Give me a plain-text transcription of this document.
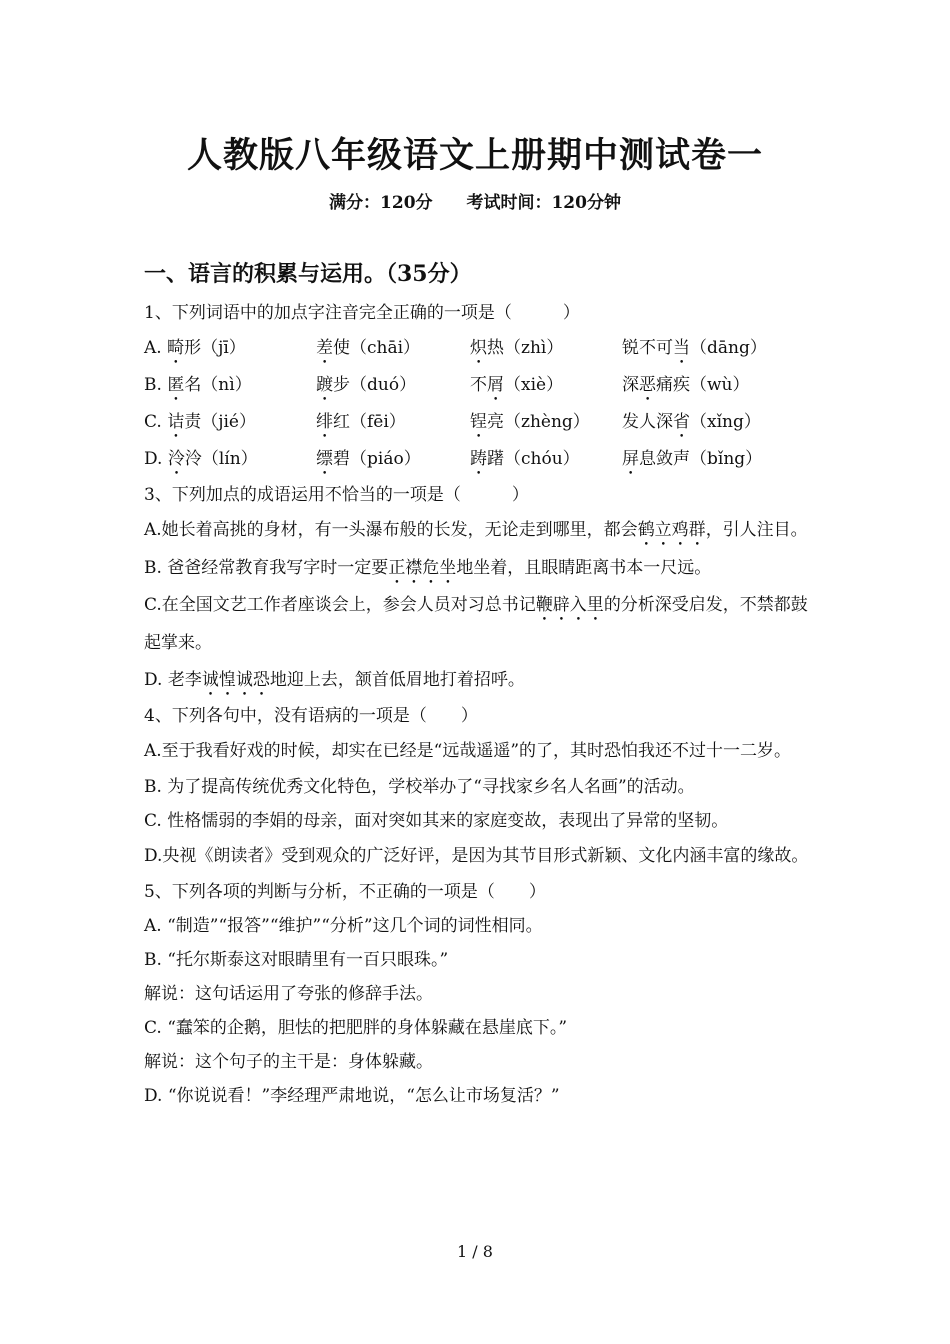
人教版八年级语文上册期中测试卷一
满分：120分 考试时间：120分钟
一、语言的积累与运用。（35分）
1、下列词语中的加点字注音完全正确的一项是（　　　）
A. 畸形（jī）	差使（chāi）	炽热（zhì）	锐不可当（dāng）
B. 匿名（nì）	踱步（duó）	不屑（xiè）	深恶痛疾（wù）
C. 诘责（jié）	绯红（fēi）	锃亮（zhèng）	发人深省（xǐng）
D. 泠泠（lín）	缥碧（piáo）	踌躇（chóu）	屏息敛声（bǐng）
3、下列加点的成语运用不恰当的一项是（　　　）
A.她长着高挑的身材，有一头瀑布般的长发，无论走到哪里，都会鹤立鸡群，引人注目。
B. 爸爸经常教育我写字时一定要正襟危坐地坐着，且眼睛距离书本一尺远。
C.在全国文艺工作者座谈会上，参会人员对习总书记鞭辟入里的分析深受启发，不禁都鼓起掌来。
D. 老李诚惶诚恐地迎上去，颔首低眉地打着招呼。
4、下列各句中，没有语病的一项是（　　）
A.至于我看好戏的时候，却实在已经是“远哉遥遥”的了，其时恐怕我还不过十一二岁。
B. 为了提高传统优秀文化特色，学校举办了“寻找家乡名人名画”的活动。
C. 性格懦弱的李娟的母亲，面对突如其来的家庭变故，表现出了异常的坚韧。
D.央视《朗读者》受到观众的广泛好评，是因为其节目形式新颖、文化内涵丰富的缘故。
5、下列各项的判断与分析，不正确的一项是（　　）
A. “制造”“报答”“维护”“分析”这几个词的词性相同。
B. “托尔斯泰这对眼睛里有一百只眼珠。”
解说：这句话运用了夸张的修辞手法。
C. “蠢笨的企鹅，胆怯的把肥胖的身体躲藏在悬崖底下。”
解说：这个句子的主干是：身体躲藏。
D. “你说说看！”李经理严肃地说，“怎么让市场复活？”
1 / 8
